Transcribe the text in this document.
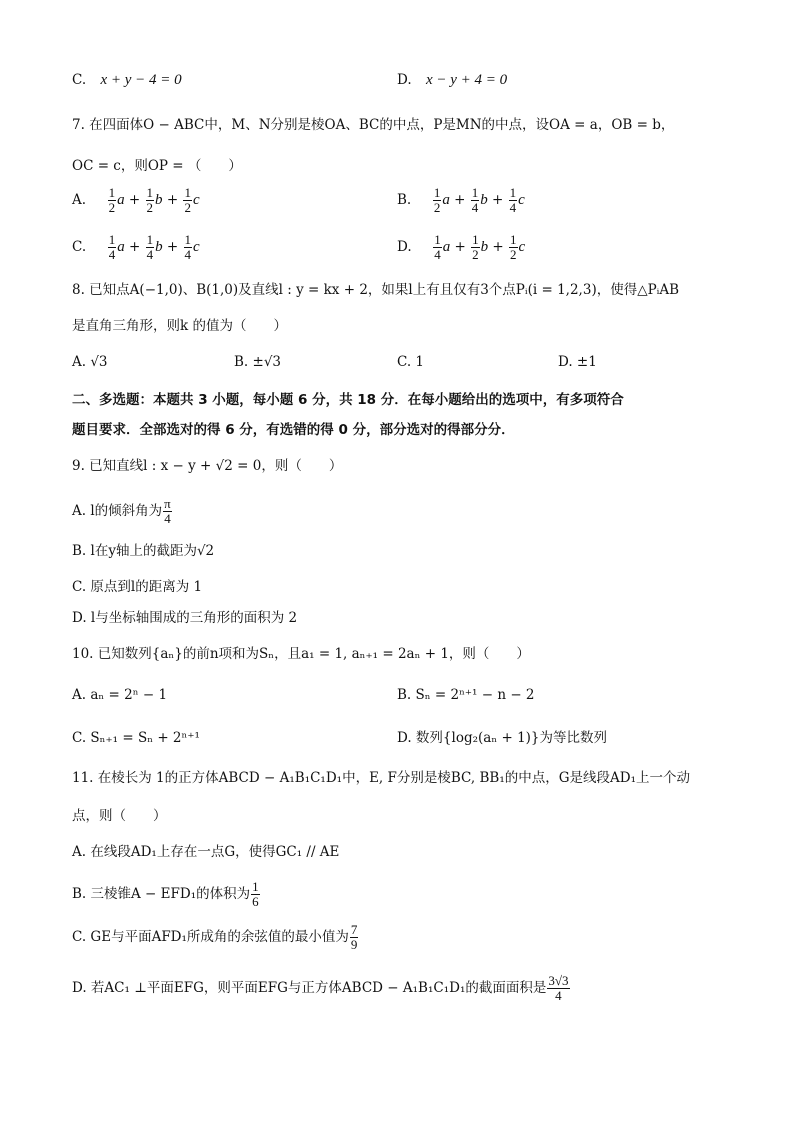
C. x + y − 4 = 0	D. x − y + 4 = 0
7. 在四面体O − ABC中，M、N分别是棱OA、BC的中点，P是MN的中点，设OA = a，OB = b，
OC = c，则OP = （　　）
A. $\frac{1}{2}$ $a + \frac{1}{2}$ $b + \frac{1}{2}$ c	B. $\frac{1}{2}$ $a + \frac{1}{4}$ $b + \frac{1}{4}$ c
C. $\frac{1}{4}$ $a + \frac{1}{4}$ $b + \frac{1}{4}$ c	D. $\frac{1}{4}$ $a + \frac{1}{2}$ $b + \frac{1}{2}$ c
8. 已知点A(−1,0)、B(1,0)及直线l : y = kx + 2，如果l上有且仅有3个点Pᵢ(i = 1,2,3)，使得△PᵢAB
是直角三角形，则k 的值为（　　）
A. √3	B. ±√3	C. 1	D. ±1
二、多选题：本题共 3 小题，每小题 6 分，共 18 分．在每小题给出的选项中，有多项符合
题目要求．全部选对的得 6 分，有选错的得 0 分，部分选对的得部分分．
9. 已知直线l : x − y + √2 = 0，则（　　）
A. l的倾斜角为 $\frac{\pi}{4}$
B. l在y轴上的截距为√2
C. 原点到l的距离为 1
D. l与坐标轴围成的三角形的面积为 2
10. 已知数列{aₙ}的前n项和为Sₙ，且a₁ = 1, aₙ₊₁ = 2aₙ + 1，则（　　）
A. aₙ = 2ⁿ − 1	B. Sₙ = 2ⁿ⁺¹ − n − 2
C. Sₙ₊₁ = Sₙ + 2ⁿ⁺¹	D. 数列{log₂(aₙ + 1)}为等比数列
11. 在棱长为 1的正方体ABCD − A₁B₁C₁D₁中，E, F分别是棱BC, BB₁的中点，G是线段AD₁上一个动
点，则（　　）
A. 在线段AD₁上存在一点G，使得GC₁ // AE
B. 三棱锥A − EFD₁的体积为 $\frac{1}{6}$
C. GE与平面AFD₁所成角的余弦值的最小值为 $\frac{7}{9}$
D. 若AC₁ ⊥平面EFG，则平面EFG与正方体ABCD − A₁B₁C₁D₁的截面面积是 $\frac{3√3}{4}$
